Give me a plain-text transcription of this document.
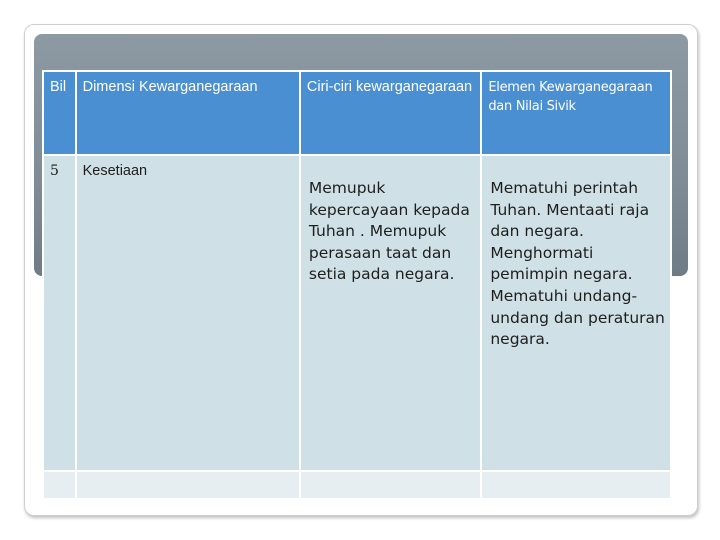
Bil	Dimensi Kewarganegaraan	Ciri-ciri kewarganegaraan	Elemen Kewarganegaraan dan Nilai Sivik

5	Kesetiaan	Memupuk kepercayaan kepada Tuhan . Memupuk perasaan taat dan setia pada negara.	Mematuhi perintah Tuhan. Mentaati raja dan negara. Menghormati pemimpin negara. Mematuhi undang-undang dan peraturan negara.
